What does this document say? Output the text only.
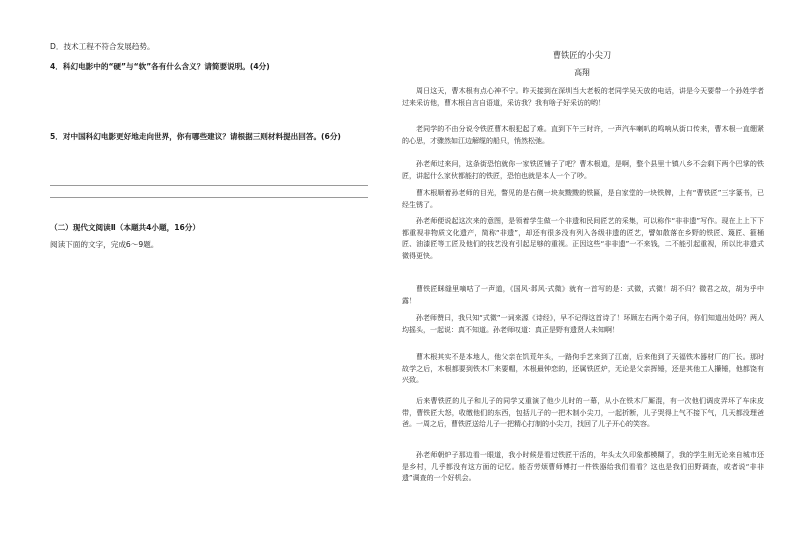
D．技术工程不符合发展趋势。
4．科幻电影中的“硬”与“软”各有什么含义？请简要说明。(4分)
5．对中国科幻电影更好地走向世界，你有哪些建议？请根据三则材料提出回答。(6分)
（二）现代文阅读Ⅱ（本题共4小题，16分）
阅读下面的文字，完成6～9题。
曹铁匠的小尖刀
高翔

周日这天，曹木根有点心神不宁。昨天接到在深圳当大老板的老同学吴天放的电话，讲是今天要带一个孙姓学者过来采访他，曹木根自言自语道，采访我？我有啥子好采访的哟！

老同学的不由分说令铁匠曹木根犯起了难。直到下午三时许，一声汽车喇叭的鸣响从街口传来，曹木根一直绷紧的心思，才骤然如江边解缆的船只，悄然松弛。

孙老师过来问，这条街恐怕就你一家铁匠铺子了吧？曹木根道，是啊，整个县里十镇八乡不会剩下两个巴掌的铁匠，讲起什么家伙都能打的铁匠，恐怕也就是本人一个了吵。

曹木根顺着孙老师的目光，瞥见的是右侧一块灰黢黢的铁匾，是自家堂的一块铁牌，上有“曹铁匠”三字篆书，已经生锈了。

孙老师便说起这次来的意图，是领着学生做一个非遗和民间匠艺的采集，可以称作“非非遗”写作。现在上上下下都重视非物质文化遗产，简称“非遗”，却还有很多没有列入各级非遗的匠艺，譬如散落在乡野的铁匠、篾匠、箍桶匠、油漆匠等工匠及他们的技艺没有引起足够的重视。正因这些“非非遗”一不来钱，二不能引起重视，所以比非遗式微得更快。

曹铁匠眯缝里嘀咕了一声道，《国风·邶风·式微》就有一首写的是：式微，式微！胡不归？微君之故，胡为乎中露！

孙老师赞曰，我只知“式微”一词来源《诗经》，早不记得这首诗了！环顾左右两个弟子问，你们知道出处吗？两人均摇头，一起说：真不知道。孙老师叹道：真正是野有遗贤人未知啊！

曹木根其实不是本地人，他父亲在饥荒年头，一路佝手艺来到了江南，后来他到了天福铁木器材厂的厂长。那时故学之后，木根都要到铁木厂来要帽，木根最钟恋的，还属铁匠炉，无论是父亲挥锤，还是其他工人攥锤，他都饶有兴致。

后来曹铁匠的儿子和儿子的同学又重演了他少儿时的一幕，从小在铁木厂厮混，有一次他们调皮弄坏了车床皮带，曹铁匠大怒，收缴他们的东西，包括儿子的一把木制小尖刀，一起折断，儿子哭得上气不接下气，几天都没理爸爸。一周之后，曹铁匠送给儿子一把精心打制的小尖刀，找回了儿子开心的笑容。

孙老师朝炉子那边看一眼道，我小时候是看过铁匠干活的，年头太久印象都模糊了，我的学生则无论来自城市还是乡村，几乎都没有这方面的记忆。能否劳烦曹师傅打一件铁器给我们看看？这也是我们田野调查，或者说“非非遗”调查的一个好机会。
